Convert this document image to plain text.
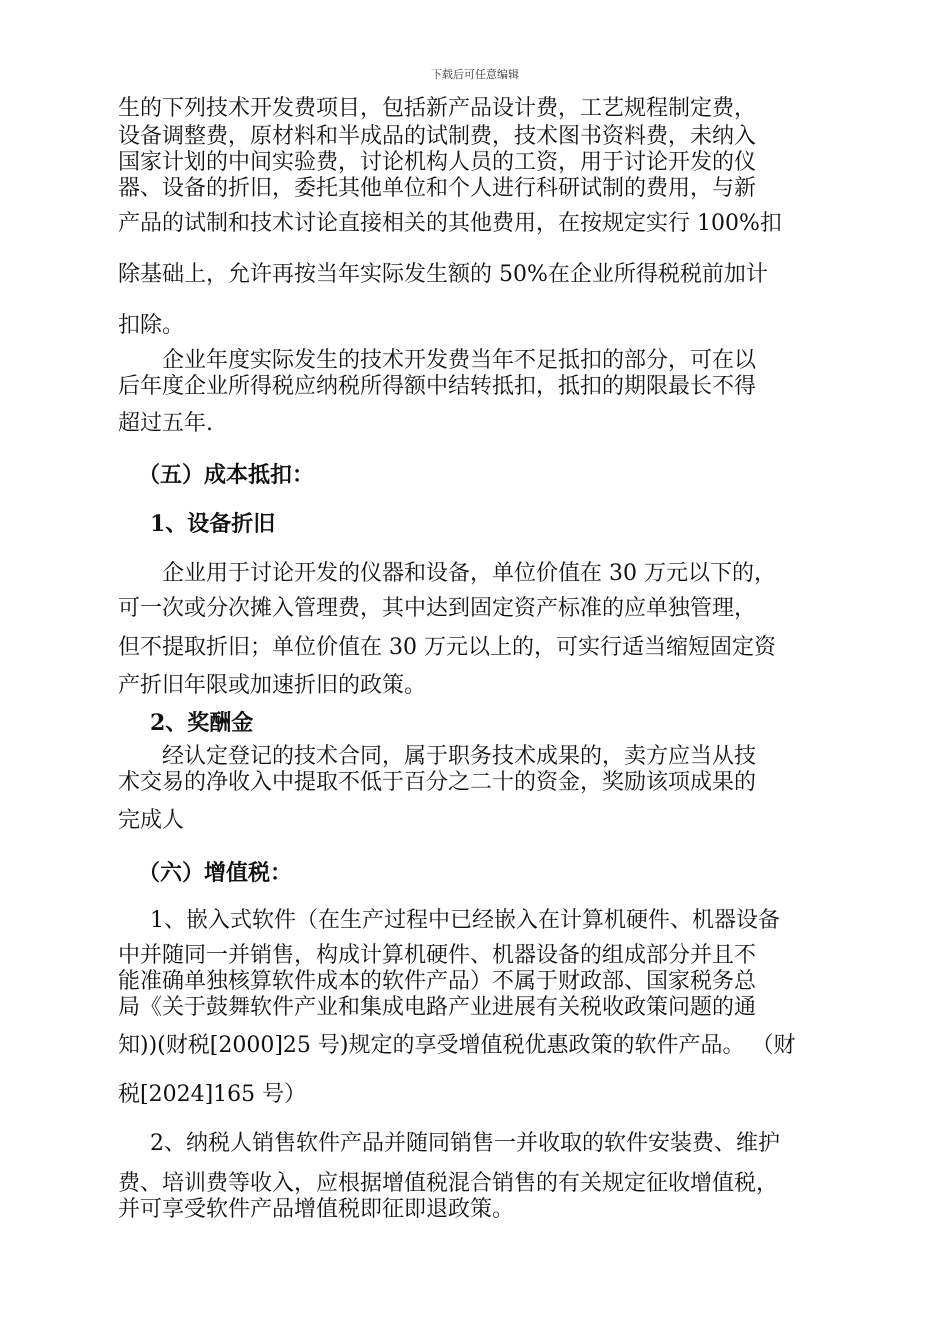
下载后可任意编辑
生的下列技术开发费项目，包括新产品设计费，工艺规程制定费，
设备调整费，原材料和半成品的试制费，技术图书资料费，未纳入
国家计划的中间实验费，讨论机构人员的工资，用于讨论开发的仪
器、设备的折旧，委托其他单位和个人进行科研试制的费用，与新
产品的试制和技术讨论直接相关的其他费用，在按规定实行 100%扣
除基础上，允许再按当年实际发生额的 50%在企业所得税税前加计
扣除。
企业年度实际发生的技术开发费当年不足抵扣的部分，可在以
后年度企业所得税应纳税所得额中结转抵扣，抵扣的期限最长不得
超过五年.
（五）成本抵扣：
1、设备折旧
企业用于讨论开发的仪器和设备，单位价值在 30 万元以下的，
可一次或分次摊入管理费，其中达到固定资产标准的应单独管理，
但不提取折旧；单位价值在 30 万元以上的，可实行适当缩短固定资
产折旧年限或加速折旧的政策。
2、奖酬金
经认定登记的技术合同，属于职务技术成果的，卖方应当从技
术交易的净收入中提取不低于百分之二十的资金，奖励该项成果的
完成人
（六）增值税：
1、嵌入式软件（在生产过程中已经嵌入在计算机硬件、机器设备
中并随同一并销售，构成计算机硬件、机器设备的组成部分并且不
能准确单独核算软件成本的软件产品）不属于财政部、国家税务总
局《关于鼓舞软件产业和集成电路产业进展有关税收政策问题的通
知))(财税[2000]25 号)规定的享受增值税优惠政策的软件产品。 （财
税[2024]165 号）
2、纳税人销售软件产品并随同销售一并收取的软件安装费、维护
费、培训费等收入，应根据增值税混合销售的有关规定征收增值税，
并可享受软件产品增值税即征即退政策。
